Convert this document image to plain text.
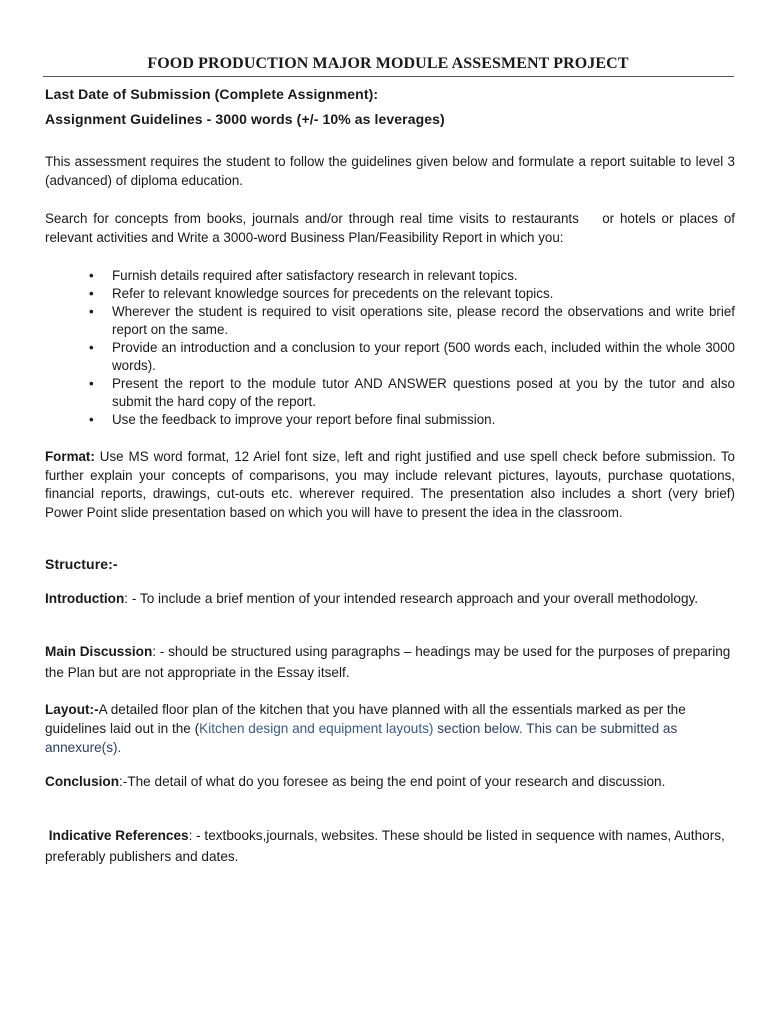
FOOD PRODUCTION MAJOR MODULE ASSESMENT PROJECT
Last Date of Submission (Complete Assignment):
Assignment Guidelines - 3000 words (+/- 10% as leverages)
This assessment requires the student to follow the guidelines given below and formulate a report suitable to level 3 (advanced) of diploma education.
Search for concepts from books, journals and/or through real time visits to restaurants    or hotels or places of relevant activities and Write a 3000-word Business Plan/Feasibility Report in which you:
• Furnish details required after satisfactory research in relevant topics.
• Refer to relevant knowledge sources for precedents on the relevant topics.
• Wherever the student is required to visit operations site, please record the observations and write brief report on the same.
• Provide an introduction and a conclusion to your report (500 words each, included within the whole 3000 words).
• Present the report to the module tutor AND ANSWER questions posed at you by the tutor and also submit the hard copy of the report.
• Use the feedback to improve your report before final submission.
Format: Use MS word format, 12 Ariel font size, left and right justified and use spell check before submission. To further explain your concepts of comparisons, you may include relevant pictures, layouts, purchase quotations, financial reports, drawings, cut-outs etc. wherever required. The presentation also includes a short (very brief) Power Point slide presentation based on which you will have to present the idea in the classroom.
Structure:-
Introduction: - To include a brief mention of your intended research approach and your overall methodology.
Main Discussion: - should be structured using paragraphs – headings may be used for the purposes of preparing the Plan but are not appropriate in the Essay itself.
Layout:-A detailed floor plan of the kitchen that you have planned with all the essentials marked as per the guidelines laid out in the (Kitchen design and equipment layouts) section below. This can be submitted as annexure(s).
Conclusion:-The detail of what do you foresee as being the end point of your research and discussion.
Indicative References: - textbooks,journals, websites. These should be listed in sequence with names, Authors, preferably publishers and dates.
